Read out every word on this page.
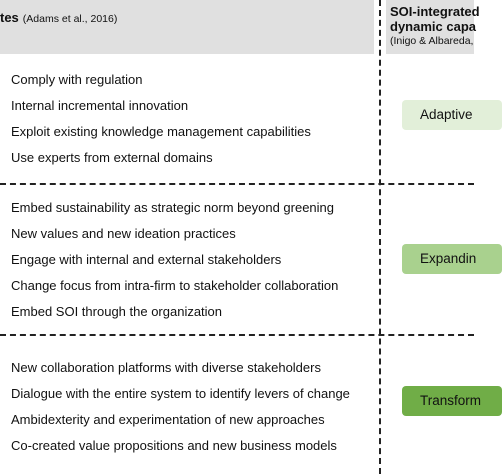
tes (Adams et al., 2016)	SOI-integrated
dynamic capa
(Inigo & Albareda,
Comply with regulation
Internal incremental innovation
Exploit existing knowledge management capabilities
Use experts from external domains
Adaptive
Embed sustainability as strategic norm beyond greening
New values and new ideation practices
Engage with internal and external stakeholders
Change focus from intra-firm to stakeholder collaboration
Embed SOI through the organization
Expandin
New collaboration platforms with diverse stakeholders
Dialogue with the entire system to identify levers of change
Ambidexterity and experimentation of new approaches
Co-created value propositions and new business models
Transform
